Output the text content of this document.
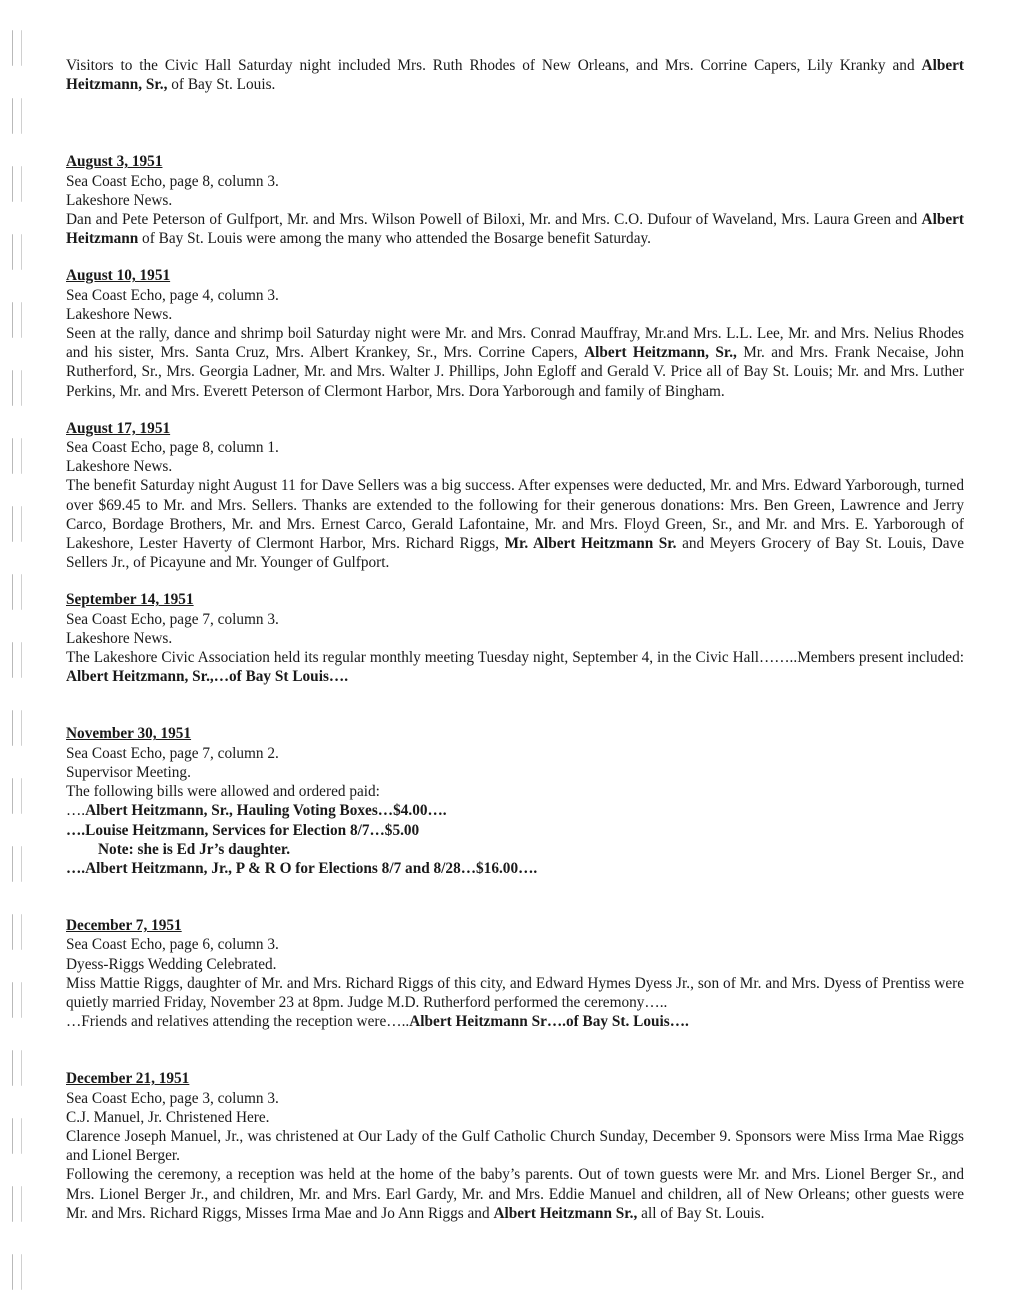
Visitors to the Civic Hall Saturday night included Mrs. Ruth Rhodes of New Orleans, and Mrs. Corrine Capers, Lily Kranky and Albert Heitzmann, Sr., of Bay St. Louis.
August 3, 1951
Sea Coast Echo, page 8, column 3.
Lakeshore News.
Dan and Pete Peterson of Gulfport, Mr. and Mrs. Wilson Powell of Biloxi, Mr. and Mrs. C.O. Dufour of Waveland, Mrs. Laura Green and Albert Heitzmann of Bay St. Louis were among the many who attended the Bosarge benefit Saturday.
August 10, 1951
Sea Coast Echo, page 4, column 3.
Lakeshore News.
Seen at the rally, dance and shrimp boil Saturday night were Mr. and Mrs. Conrad Mauffray, Mr.and Mrs. L.L. Lee, Mr. and Mrs. Nelius Rhodes and his sister, Mrs. Santa Cruz, Mrs. Albert Krankey, Sr., Mrs. Corrine Capers, Albert Heitzmann, Sr., Mr. and Mrs. Frank Necaise, John Rutherford, Sr., Mrs. Georgia Ladner, Mr. and Mrs. Walter J. Phillips, John Egloff and Gerald V. Price all of Bay St. Louis; Mr. and Mrs. Luther Perkins, Mr. and Mrs. Everett Peterson of Clermont Harbor, Mrs. Dora Yarborough and family of Bingham.
August 17, 1951
Sea Coast Echo, page 8, column 1.
Lakeshore News.
The benefit Saturday night August 11 for Dave Sellers was a big success. After expenses were deducted, Mr. and Mrs. Edward Yarborough, turned over $69.45 to Mr. and Mrs. Sellers. Thanks are extended to the following for their generous donations: Mrs. Ben Green, Lawrence and Jerry Carco, Bordage Brothers, Mr. and Mrs. Ernest Carco, Gerald Lafontaine, Mr. and Mrs. Floyd Green, Sr., and Mr. and Mrs. E. Yarborough of Lakeshore, Lester Haverty of Clermont Harbor, Mrs. Richard Riggs, Mr. Albert Heitzmann Sr. and Meyers Grocery of Bay St. Louis, Dave Sellers Jr., of Picayune and Mr. Younger of Gulfport.
September 14, 1951
Sea Coast Echo, page 7, column 3.
Lakeshore News.
The Lakeshore Civic Association held its regular monthly meeting Tuesday night, September 4, in the Civic Hall……..Members present included: Albert Heitzmann, Sr.,…of Bay St Louis….
November 30, 1951
Sea Coast Echo, page 7, column 2.
Supervisor Meeting.
The following bills were allowed and ordered paid:
….Albert Heitzmann, Sr., Hauling Voting Boxes…$4.00….
….Louise Heitzmann, Services for Election 8/7…$5.00
Note: she is Ed Jr’s daughter.
….Albert Heitzmann, Jr., P & R O for Elections 8/7 and 8/28…$16.00….
December 7, 1951
Sea Coast Echo, page 6, column 3.
Dyess-Riggs Wedding Celebrated.
Miss Mattie Riggs, daughter of Mr. and Mrs. Richard Riggs of this city, and Edward Hymes Dyess Jr., son of Mr. and Mrs. Dyess of Prentiss were quietly married Friday, November 23 at 8pm. Judge M.D. Rutherford performed the ceremony…..
…Friends and relatives attending the reception were…..Albert Heitzmann Sr….of Bay St. Louis….
December 21, 1951
Sea Coast Echo, page 3, column 3.
C.J. Manuel, Jr. Christened Here.
Clarence Joseph Manuel, Jr., was christened at Our Lady of the Gulf Catholic Church Sunday, December 9. Sponsors were Miss Irma Mae Riggs and Lionel Berger.
Following the ceremony, a reception was held at the home of the baby’s parents. Out of town guests were Mr. and Mrs. Lionel Berger Sr., and Mrs. Lionel Berger Jr., and children, Mr. and Mrs. Earl Gardy, Mr. and Mrs. Eddie Manuel and children, all of New Orleans; other guests were Mr. and Mrs. Richard Riggs, Misses Irma Mae and Jo Ann Riggs and Albert Heitzmann Sr., all of Bay St. Louis.
